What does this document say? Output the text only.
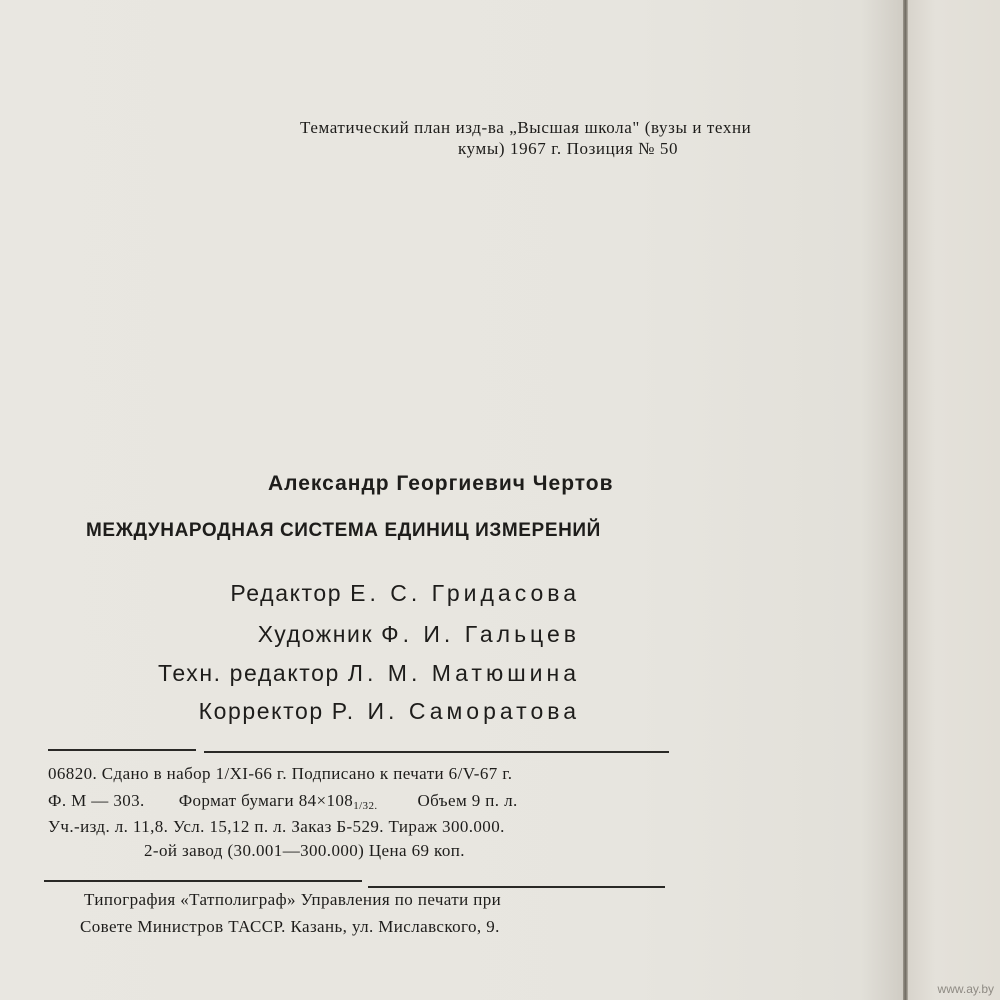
Тематический план изд-ва „Высшая школа" (вузы и техни
кумы) 1967 г. Позиция № 50
Александр Георгиевич Чертов
МЕЖДУНАРОДНАЯ СИСТЕМА ЕДИНИЦ ИЗМЕРЕНИЙ
Редактор Е. С. Гридасова
Художник Ф. И. Гальцев
Техн. редактор Л. М. Матюшина
Корректор Р. И. Самoратова
06820. Сдано в набор 1/XI-66 г. Подписано к печати 6/V-67 г.
Ф. М — 303. Формат бумаги $84\times 108_{1/32.}$ Объем 9 п. л.
Уч.-изд. л. 11,8. Усл. 15,12 п. л. Заказ Б-529. Тираж 300.000.
2-ой завод (30.001—300.000) Цена 69 коп.
Типография «Татполиграф» Управления по печати при
Совете Министров ТАССР. Казань, ул. Миславского, 9.
www.ay.by
